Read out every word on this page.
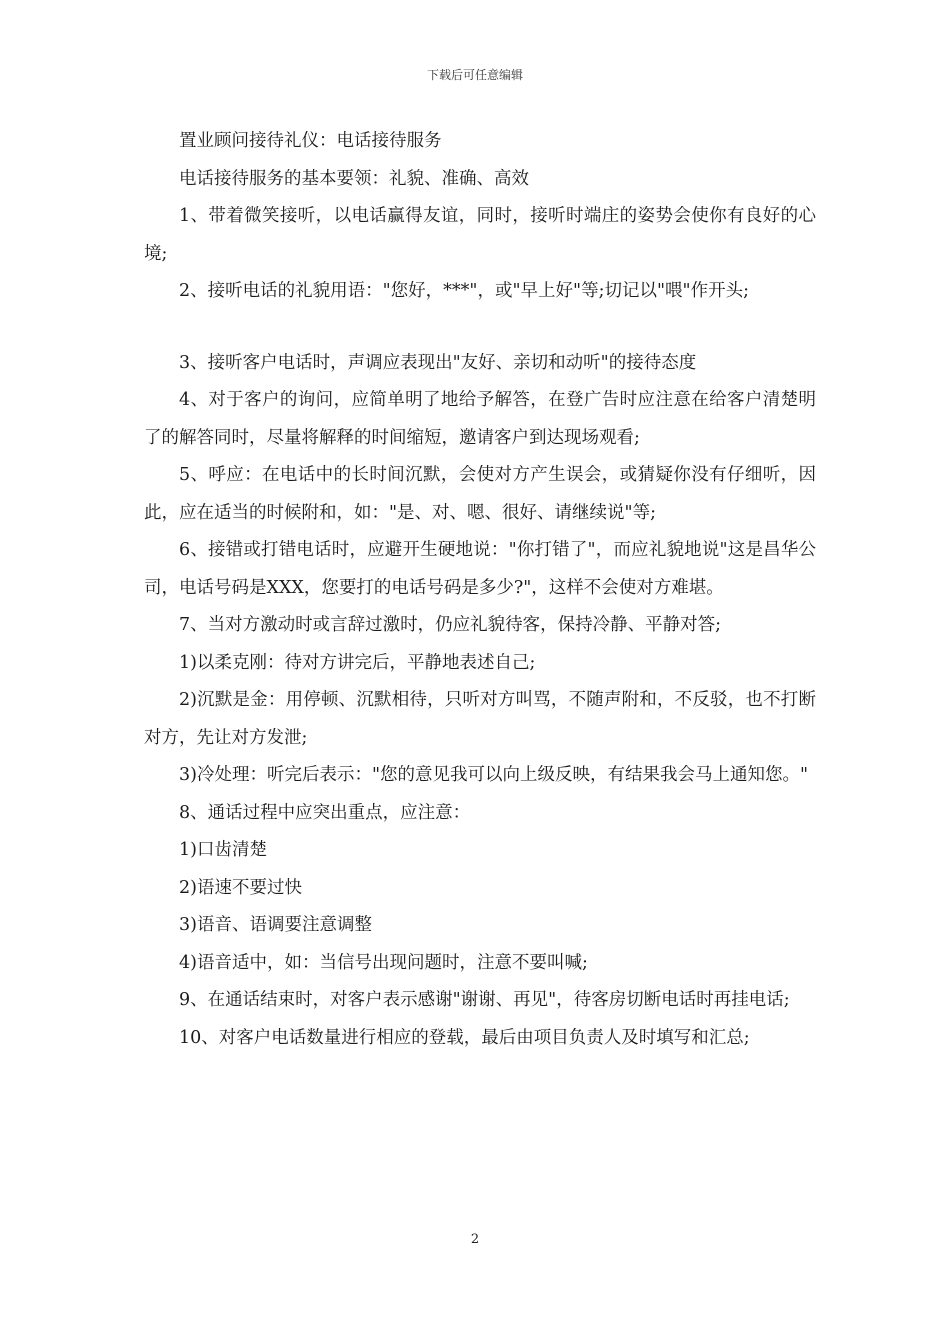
下载后可任意编辑

置业顾问接待礼仪：电话接待服务

电话接待服务的基本要领：礼貌、准确、高效

1、带着微笑接听，以电话赢得友谊，同时，接听时端庄的姿势会使你有良好的心境;

2、接听电话的礼貌用语："您好，***"，或"早上好"等;切记以"喂"作开头;

3、接听客户电话时，声调应表现出"友好、亲切和动听"的接待态度

4、对于客户的询问，应简单明了地给予解答，在登广告时应注意在给客户清楚明了的解答同时，尽量将解释的时间缩短，邀请客户到达现场观看;

5、呼应：在电话中的长时间沉默，会使对方产生误会，或猜疑你没有仔细听，因此，应在适当的时候附和，如："是、对、嗯、很好、请继续说"等;

6、接错或打错电话时，应避开生硬地说："你打错了"，而应礼貌地说"这是昌华公司，电话号码是XXX，您要打的电话号码是多少?"，这样不会使对方难堪。

7、当对方激动时或言辞过激时，仍应礼貌待客，保持冷静、平静对答;

1)以柔克刚：待对方讲完后，平静地表述自己;

2)沉默是金：用停顿、沉默相待，只听对方叫骂，不随声附和，不反驳，也不打断对方，先让对方发泄;

3)冷处理：听完后表示："您的意见我可以向上级反映，有结果我会马上通知您。"

8、通话过程中应突出重点，应注意：

1)口齿清楚

2)语速不要过快

3)语音、语调要注意调整

4)语音适中，如：当信号出现问题时，注意不要叫喊;

9、在通话结束时，对客户表示感谢"谢谢、再见"，待客房切断电话时再挂电话;

10、对客户电话数量进行相应的登载，最后由项目负责人及时填写和汇总;

2
